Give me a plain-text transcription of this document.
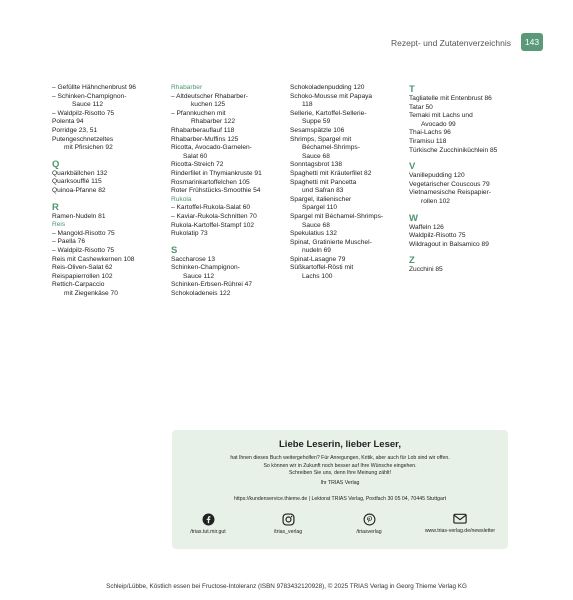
Rezept- und Zutatenverzeichnis	143
– Gefüllte Hähnchenbrust 96
– Schinken-Champignon-
Sauce 112
– Waldpilz-Risotto 75
Polenta 94
Porridge 23, 51
Putengeschnetzeltes
mit Pfirsichen 92
Q
Quarkbällchen 132
Quarksoufflé 115
Quinoa-Pfanne 82
R
Ramen-Nudeln 81
Reis
– Mangold-Risotto 75
– Paella 76
– Waldpilz-Risotto 75
Reis mit Cashewkernen 108
Reis-Oliven-Salat 62
Reispapierrollen 102
Rettich-Carpaccio
mit Ziegenkäse 70
Rhabarber
– Altdeutscher Rhabarber-
kuchen 125
– Pfannkuchen mit
Rhabarber 122
Rhabarberauflauf 118
Rhabarber-Muffins 125
Ricotta, Avocado-Garnelen-
Salat 60
Ricotta-Streich 72
Rinderfilet in Thymiankruste 91
Rosmarinkartoffelchen 105
Roter Frühstücks-Smoothie 54
Rukola
– Kartoffel-Rukola-Salat 60
– Kaviar-Rukola-Schnitten 70
Rukola-Kartoffel-Stampf 102
Rukolatip 73
S
Saccharose 13
Schinken-Champignon-
Sauce 112
Schinken-Erbsen-Rührei 47
Schokoladeneis 122
Schokoladenpudding 120
Schoko-Mousse mit Papaya
118
Sellerie, Kartoffel-Sellerie-
Suppe 59
Sesamspätzle 106
Shrimps, Spargel mit
Béchamel-Shrimps-
Sauce 68
Sonntagsbrot 138
Spaghetti mit Kräuterfilet 82
Spaghetti mit Pancetta
und Safran 83
Spargel, italienischer
Spargel 110
Spargel mit Béchamel-Shrimps-
Sauce 68
Spekulatius 132
Spinat, Gratinierte Muschel-
nudeln 69
Spinat-Lasagne 79
Süßkartoffel-Rösti mit
Lachs 100
T
Tagliatelle mit Entenbrust 86
Tatar 50
Temaki mit Lachs und
Avocado 99
Thai-Lachs 96
Tiramisu 118
Türkische Zucchiniküchlein 85
V
Vanillepudding 120
Vegetarischer Couscous 79
Vietnamesische Reispapier-
rollen 102
W
Waffeln 126
Waldpilz-Risotto 75
Wildragout in Balsamico 89
Z
Zucchini 85
Liebe Leserin, lieber Leser,
hat Ihnen dieses Buch weitergeholfen? Für Anregungen, Kritik, aber auch für Lob sind wir offen.
So können wir in Zukunft noch besser auf Ihre Wünsche eingehen.
Schreiben Sie uns, denn Ihre Meinung zählt!
Ihr TRIAS Verlag
https://kundenservice.thieme.de | Lektorat TRIAS Verlag, Postfach 30 05 04, 70445 Stuttgart
/trias.tut.mir.gut	/trias_verlag	/triasverlag	www.trias-verlag.de/newsletter
Schleip/Lübbe, Köstlich essen bei Fructose-Intoleranz (ISBN 9783432120928), © 2025 TRIAS Verlag in Georg Thieme Verlag KG
